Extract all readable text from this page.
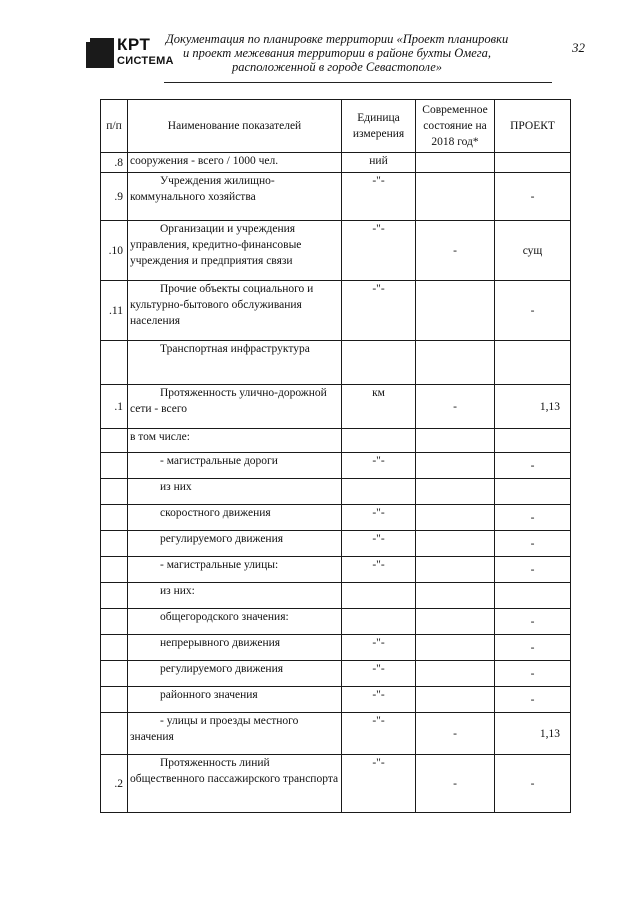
КРТ
СИСТЕМА
Документация по планировке территории «Проект планировки
и проект межевания территории в районе бухты Омега,
расположенной в городе Севастополе»
32
п/п	Наименование показателей	Единица измерения	Современное состояние на 2018 год*	ПРОЕКТ
.8	сооружения - всего / 1000 чел.	ний		
.9	Учреждения жилищно-коммунального хозяйства	-"-		-
.10	Организации и учреждения управления, кредитно-финансовые учреждения и предприятия связи	-"-	-	сущ
.11	Прочие объекты социального и культурно-бытового обслуживания населения	-"-		-

	Транспортная инфраструктура			

.1	Протяженность улично-дорожной сети - всего	км	-	1,13
	в том числе:			

	- магистральные дороги	-"-		-

	из них			

	скоростного движения	-"-		-

	регулируемого движения	-"-		-

	- магистральные улицы:	-"-		-

	из них:			

	общегородского значения:			-

	непрерывного движения	-"-		-

	регулируемого движения	-"-		-

	районного значения	-"-		-

	- улицы и проезды местного значения	-"-	-	1,13
.2	Протяженность линий общественного пассажирского транспорта	-"-	-	-
